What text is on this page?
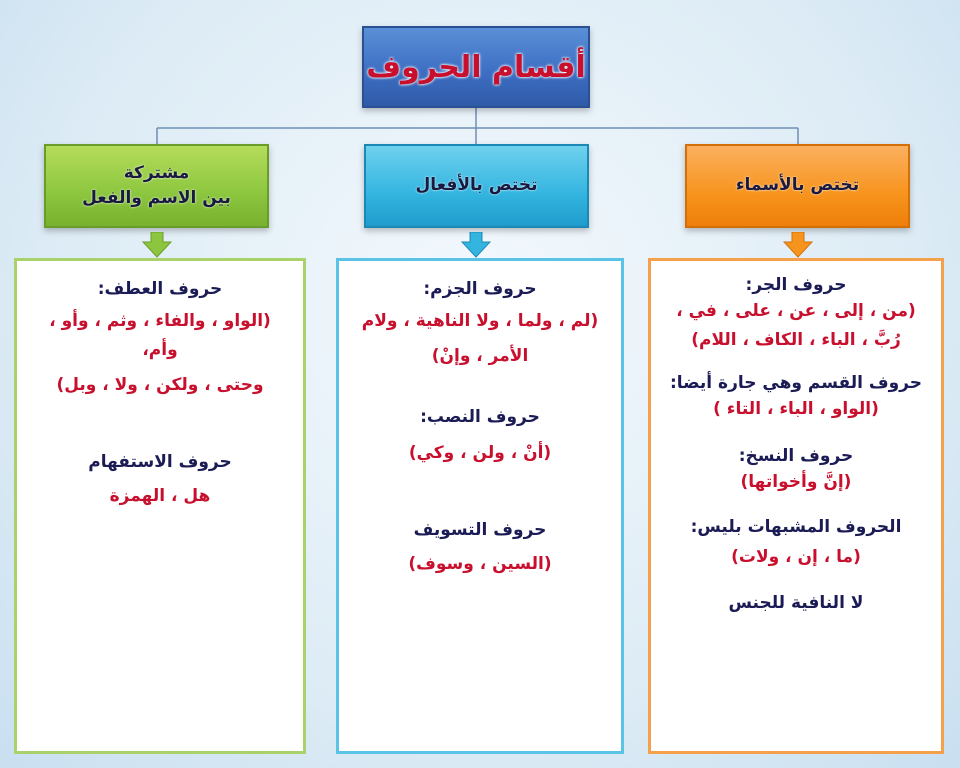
أقسام الحروف
مشتركة
بين الاسم والفعل
تختص بالأفعال	تختص بالأسماء

حروف العطف:

(الواو ، والفاء ، وثم ، وأو ، وأم،

وحتى ، ولكن ، ولا ، وبل)

حروف الاستفهام

هل ، الهمزة

حروف الجزم:

(لم ، ولما ، ولا الناهية ، ولام

الأمر ، وإنْ)

حروف النصب:

(أنْ ، ولن ، وكي)

حروف التسويف

(السين ، وسوف)

حروف الجر:

(من ، إلى ، عن ، على ، في ،

رُبَّ ، الباء ، الكاف ، اللام)

حروف القسم وهي جارة أيضا:

(الواو ، الباء ، التاء )

حروف النسخ:

(إنَّ وأخواتها)

الحروف المشبهات بليس:

(ما ، إن ، ولات)

لا النافية للجنس
